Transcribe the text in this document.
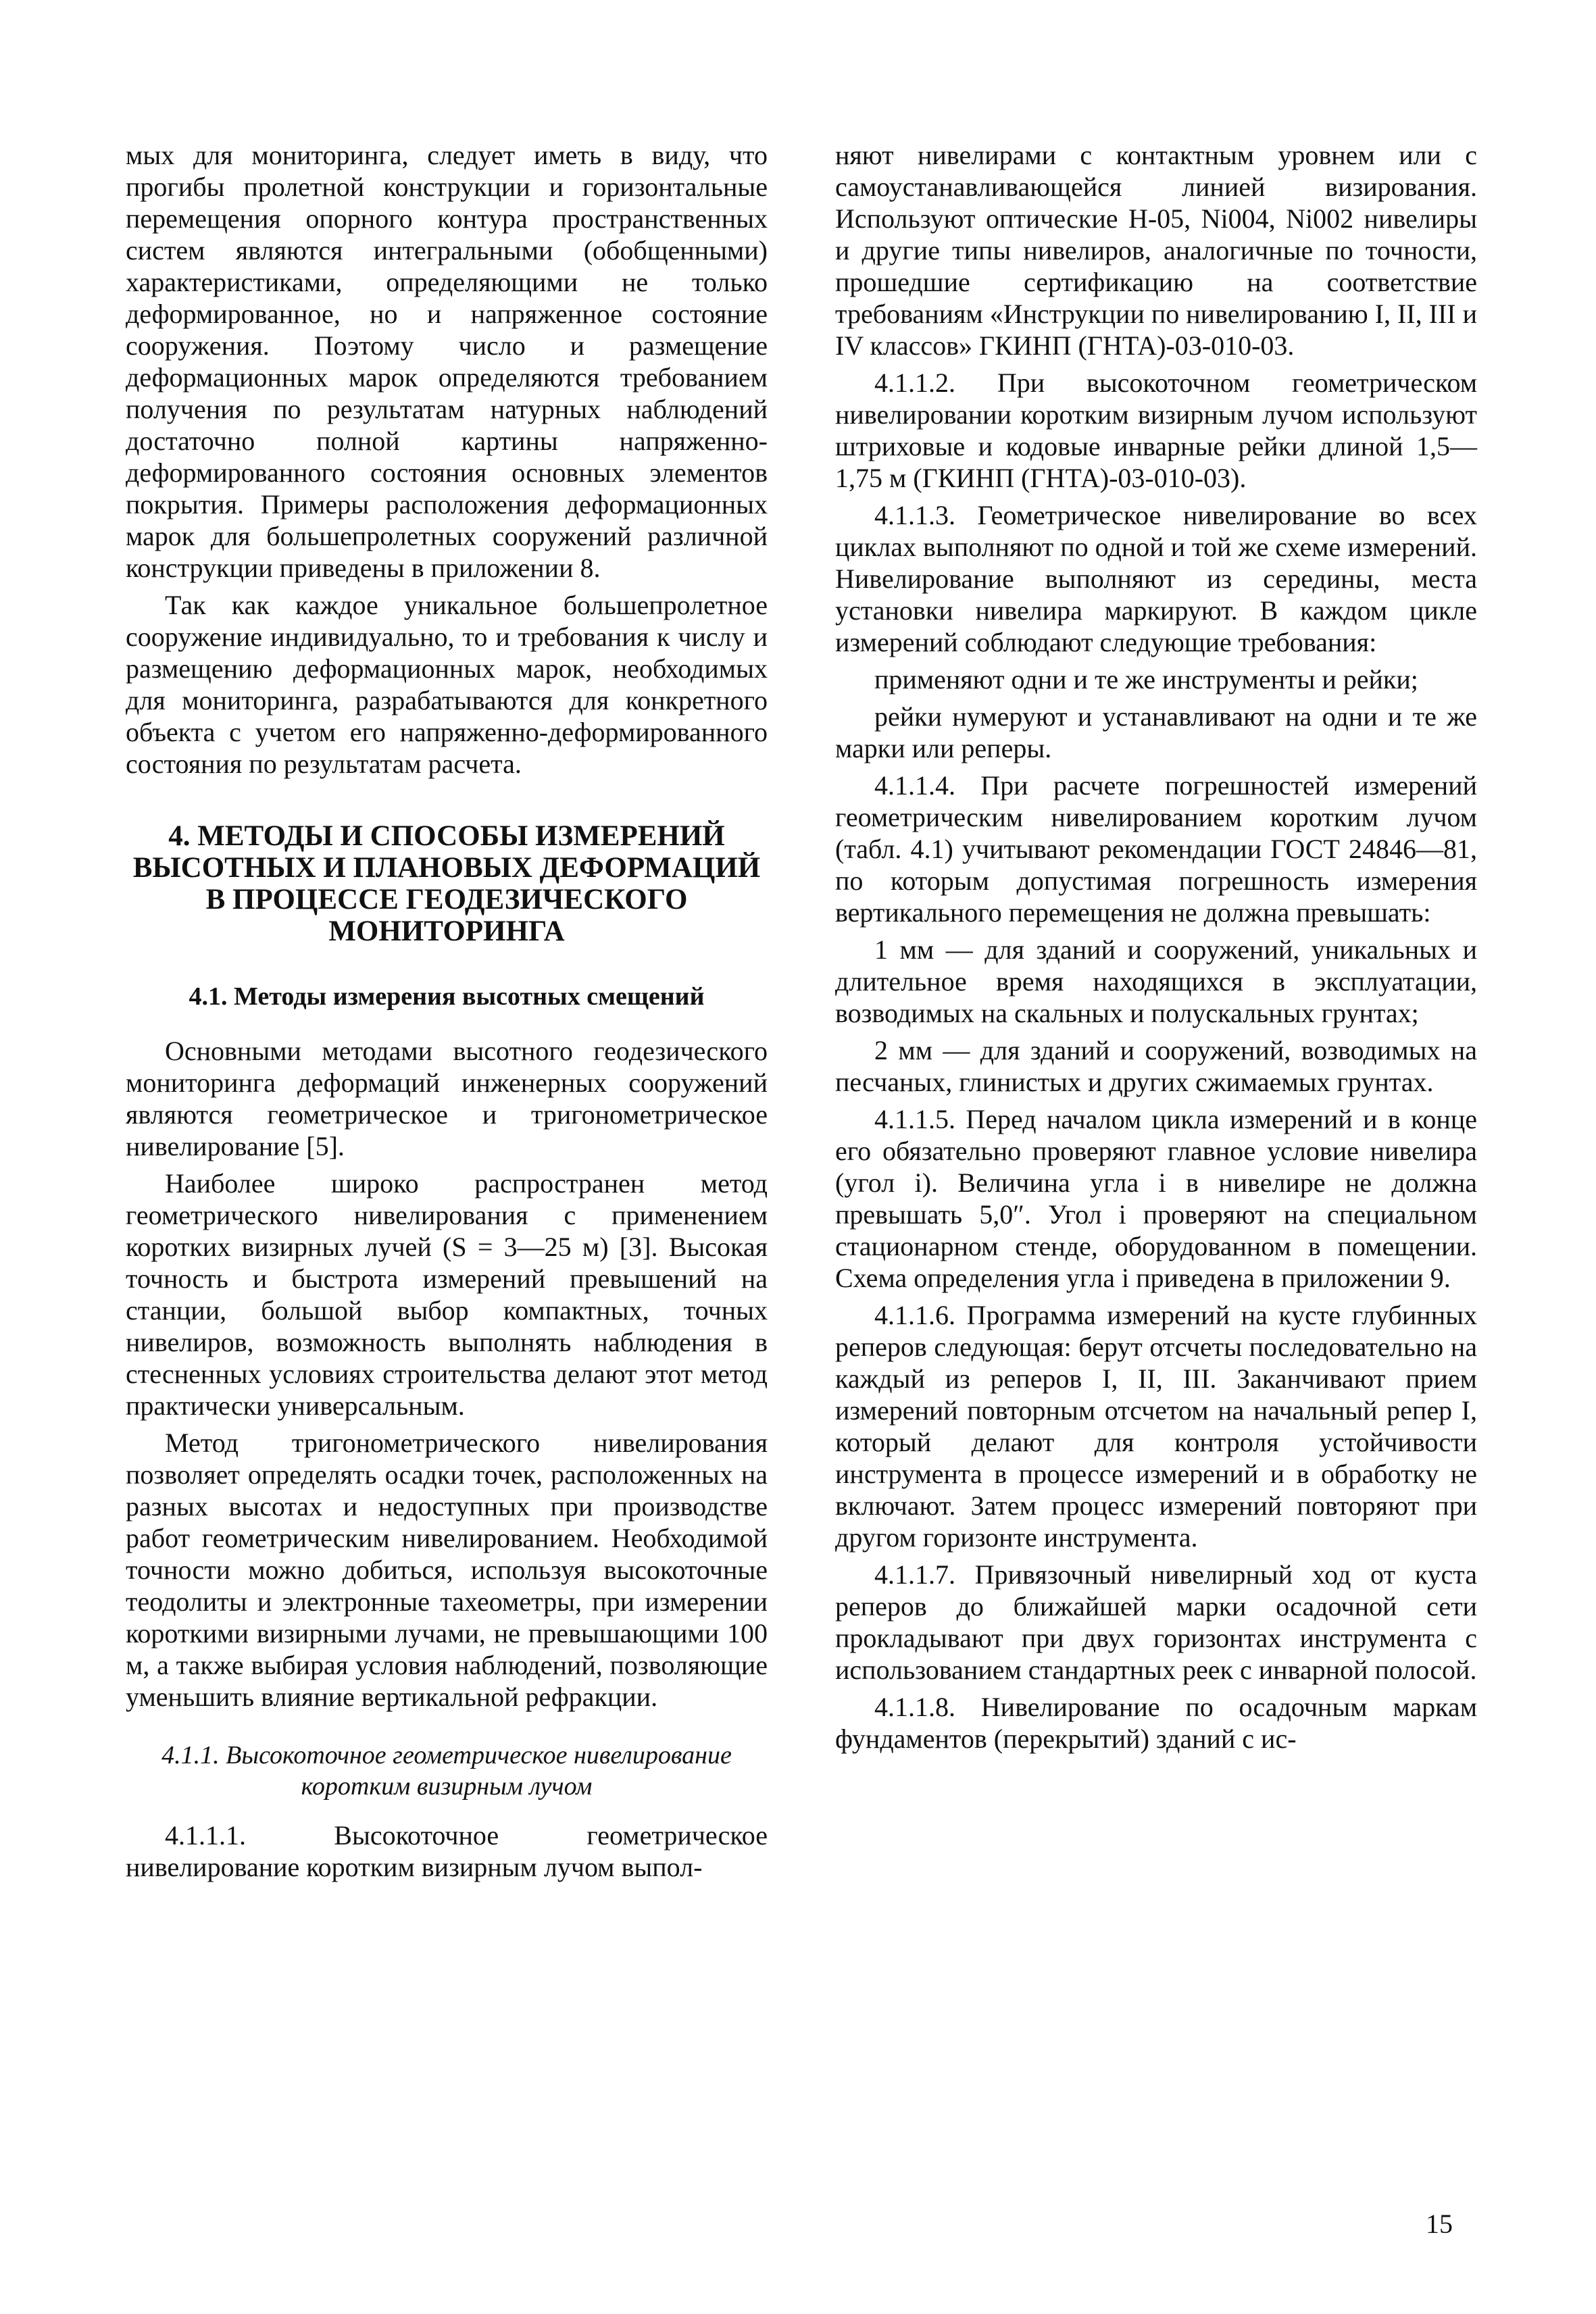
мых для мониторинга, следует иметь в виду, что прогибы пролетной конструкции и горизонтальные перемещения опорного контура пространственных систем являются интегральными (обобщенными) характеристиками, определяющими не только деформированное, но и напряженное состояние сооружения. Поэтому число и размещение деформационных марок определяются требованием получения по результатам натурных наблюдений достаточно полной картины напряженно-деформированного состояния основных элементов покрытия. Примеры расположения деформационных марок для большепролетных сооружений различной конструкции приведены в приложении 8.

Так как каждое уникальное большепролетное сооружение индивидуально, то и требования к числу и размещению деформационных марок, необходимых для мониторинга, разрабатываются для конкретного объекта с учетом его напряженно-деформированного состояния по результатам расчета.

4. МЕТОДЫ И СПОСОБЫ ИЗМЕРЕНИЙ ВЫСОТНЫХ И ПЛАНОВЫХ ДЕФОРМАЦИЙ В ПРОЦЕССЕ ГЕОДЕЗИЧЕСКОГО МОНИТОРИНГА
4.1. Методы измерения высотных смещений

Основными методами высотного геодезического мониторинга деформаций инженерных сооружений являются геометрическое и тригонометрическое нивелирование [5].

Наиболее широко распространен метод геометрического нивелирования с применением коротких визирных лучей (S = 3—25 м) [3]. Высокая точность и быстрота измерений превышений на станции, большой выбор компактных, точных нивелиров, возможность выполнять наблюдения в стесненных условиях строительства делают этот метод практически универсальным.

Метод тригонометрического нивелирования позволяет определять осадки точек, расположенных на разных высотах и недоступных при производстве работ геометрическим нивелированием. Необходимой точности можно добиться, используя высокоточные теодолиты и электронные тахеометры, при измерении короткими визирными лучами, не превышающими 100 м, а также выбирая условия наблюдений, позволяющие уменьшить влияние вертикальной рефракции.

4.1.1. Высокоточное геометрическое нивелирование коротким визирным лучом

4.1.1.1. Высокоточное геометрическое нивелирование коротким визирным лучом выпол-

няют нивелирами с контактным уровнем или с самоустанавливающейся линией визирования. Используют оптические Н-05, Ni004, Ni002 нивелиры и другие типы нивелиров, аналогичные по точности, прошедшие сертификацию на соответствие требованиям «Инструкции по нивелированию I, II, III и IV классов» ГКИНП (ГНТА)-03-010-03.

4.1.1.2. При высокоточном геометрическом нивелировании коротким визирным лучом используют штриховые и кодовые инварные рейки длиной 1,5—1,75 м (ГКИНП (ГНТА)-03-010-03).

4.1.1.3. Геометрическое нивелирование во всех циклах выполняют по одной и той же схеме измерений. Нивелирование выполняют из середины, места установки нивелира маркируют. В каждом цикле измерений соблюдают следующие требования:

применяют одни и те же инструменты и рейки;

рейки нумеруют и устанавливают на одни и те же марки или реперы.

4.1.1.4. При расчете погрешностей измерений геометрическим нивелированием коротким лучом (табл. 4.1) учитывают рекомендации ГОСТ 24846—81, по которым допустимая погрешность измерения вертикального перемещения не должна превышать:

1 мм — для зданий и сооружений, уникальных и длительное время находящихся в эксплуатации, возводимых на скальных и полускальных грунтах;

2 мм — для зданий и сооружений, возводимых на песчаных, глинистых и других сжимаемых грунтах.

4.1.1.5. Перед началом цикла измерений и в конце его обязательно проверяют главное условие нивелира (угол i). Величина угла i в нивелире не должна превышать 5,0″. Угол i проверяют на специальном стационарном стенде, оборудованном в помещении. Схема определения угла i приведена в приложении 9.

4.1.1.6. Программа измерений на кусте глубинных реперов следующая: берут отсчеты последовательно на каждый из реперов I, II, III. Заканчивают прием измерений повторным отсчетом на начальный репер I, который делают для контроля устойчивости инструмента в процессе измерений и в обработку не включают. Затем процесс измерений повторяют при другом горизонте инструмента.

4.1.1.7. Привязочный нивелирный ход от куста реперов до ближайшей марки осадочной сети прокладывают при двух горизонтах инструмента с использованием стандартных реек с инварной полосой.

4.1.1.8. Нивелирование по осадочным маркам фундаментов (перекрытий) зданий с ис-

15
